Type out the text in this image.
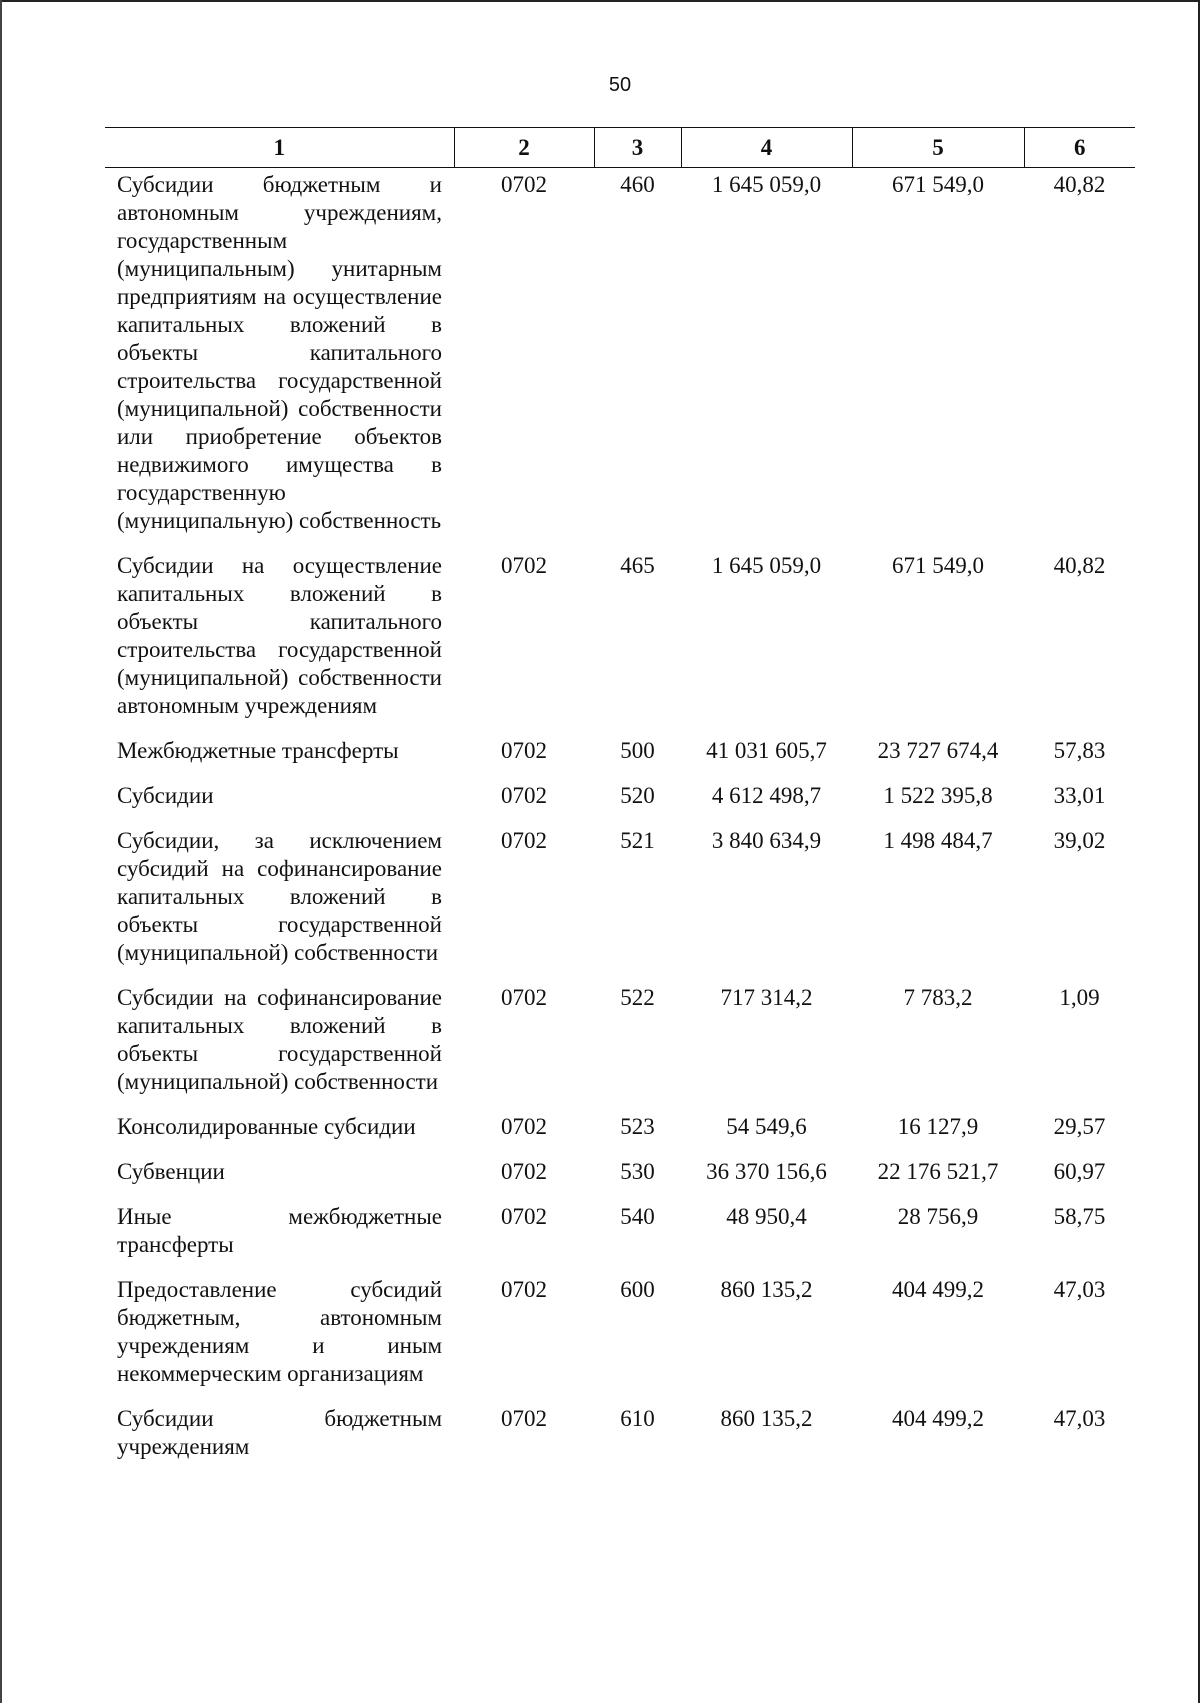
50
1	2	3	4	5	6
Субсидии бюджетным и автономным учреждениям, государственным (муниципальным) унитарным предприятиям на осуществление капитальных вложений в объекты капитального строительства государственной (муниципальной) собственности или приобретение объектов недвижимого имущества в государственную (муниципальную) собственность	0702	460	1 645 059,0	671 549,0	40,82

Субсидии на осуществление капитальных вложений в объекты капитального строительства государственной (муниципальной) собственности автономным учреждениям	0702	465	1 645 059,0	671 549,0	40,82

Межбюджетные трансферты	0702	500	41 031 605,7	23 727 674,4	57,83

Субсидии	0702	520	4 612 498,7	1 522 395,8	33,01

Субсидии, за исключением субсидий на софинансирование капитальных вложений в объекты государственной (муниципальной) собственности	0702	521	3 840 634,9	1 498 484,7	39,02

Субсидии на софинансирование капитальных вложений в объекты государственной (муниципальной) собственности	0702	522	717 314,2	7 783,2	1,09

Консолидированные субсидии	0702	523	54 549,6	16 127,9	29,57

Субвенции	0702	530	36 370 156,6	22 176 521,7	60,97

Иные межбюджетные трансферты	0702	540	48 950,4	28 756,9	58,75

Предоставление субсидий бюджетным, автономным учреждениям и иным некоммерческим организациям	0702	600	860 135,2	404 499,2	47,03

Субсидии бюджетным учреждениям	0702	610	860 135,2	404 499,2	47,03
